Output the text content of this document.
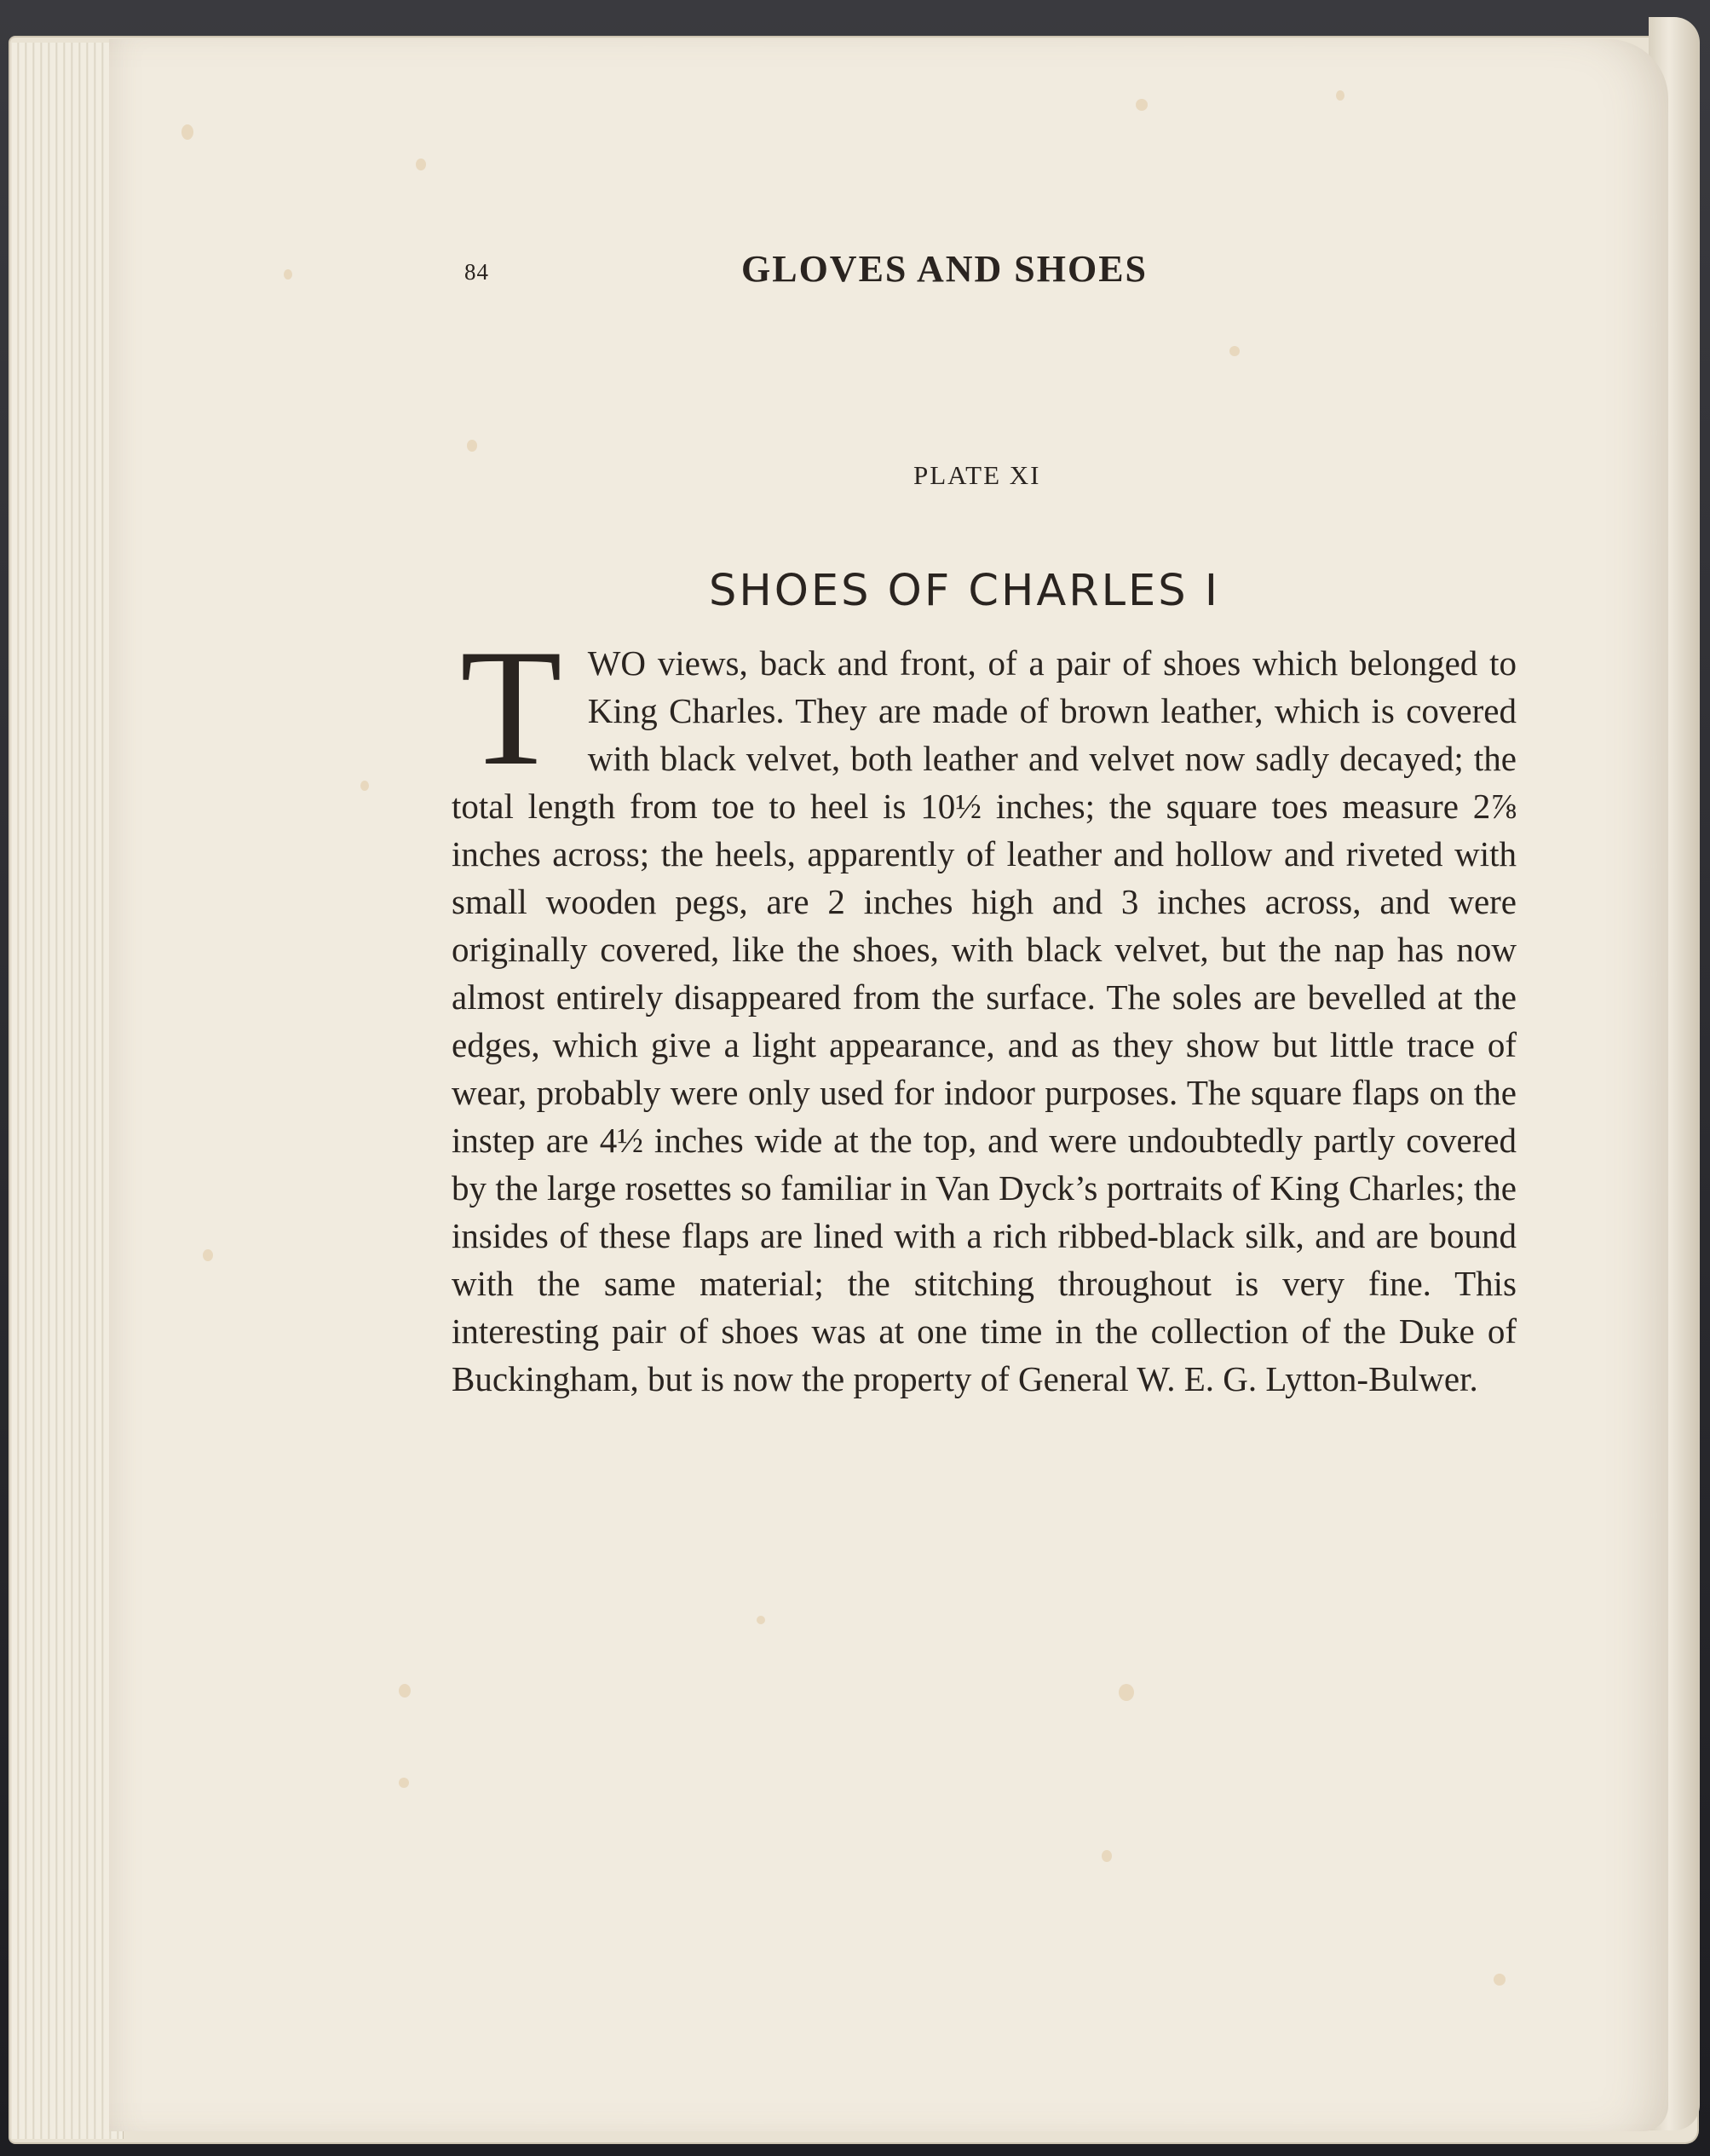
84	GLOVES AND SHOES
PLATE XI
SHOES OF CHARLES I
T WO views, back and front, of a pair of shoes which belonged to King Charles. They are made of brown leather, which is covered with black velvet, both leather and velvet now sadly decayed; the total length from toe to heel is 10½ inches; the square toes measure 2⅞ inches across; the heels, apparently of leather and hollow and riveted with small wooden pegs, are 2 inches high and 3 inches across, and were originally covered, like the shoes, with black velvet, but the nap has now almost entirely disappeared from the surface. The soles are bevelled at the edges, which give a light appearance, and as they show but little trace of wear, probably were only used for indoor purposes. The square flaps on the instep are 4½ inches wide at the top, and were undoubtedly partly covered by the large rosettes so familiar in Van Dyck’s portraits of King Charles; the insides of these flaps are lined with a rich ribbed-black silk, and are bound with the same material; the stitching throughout is very fine. This interesting pair of shoes was at one time in the collection of the Duke of Buckingham, but is now the property of General W. E. G. Lytton-Bulwer.
